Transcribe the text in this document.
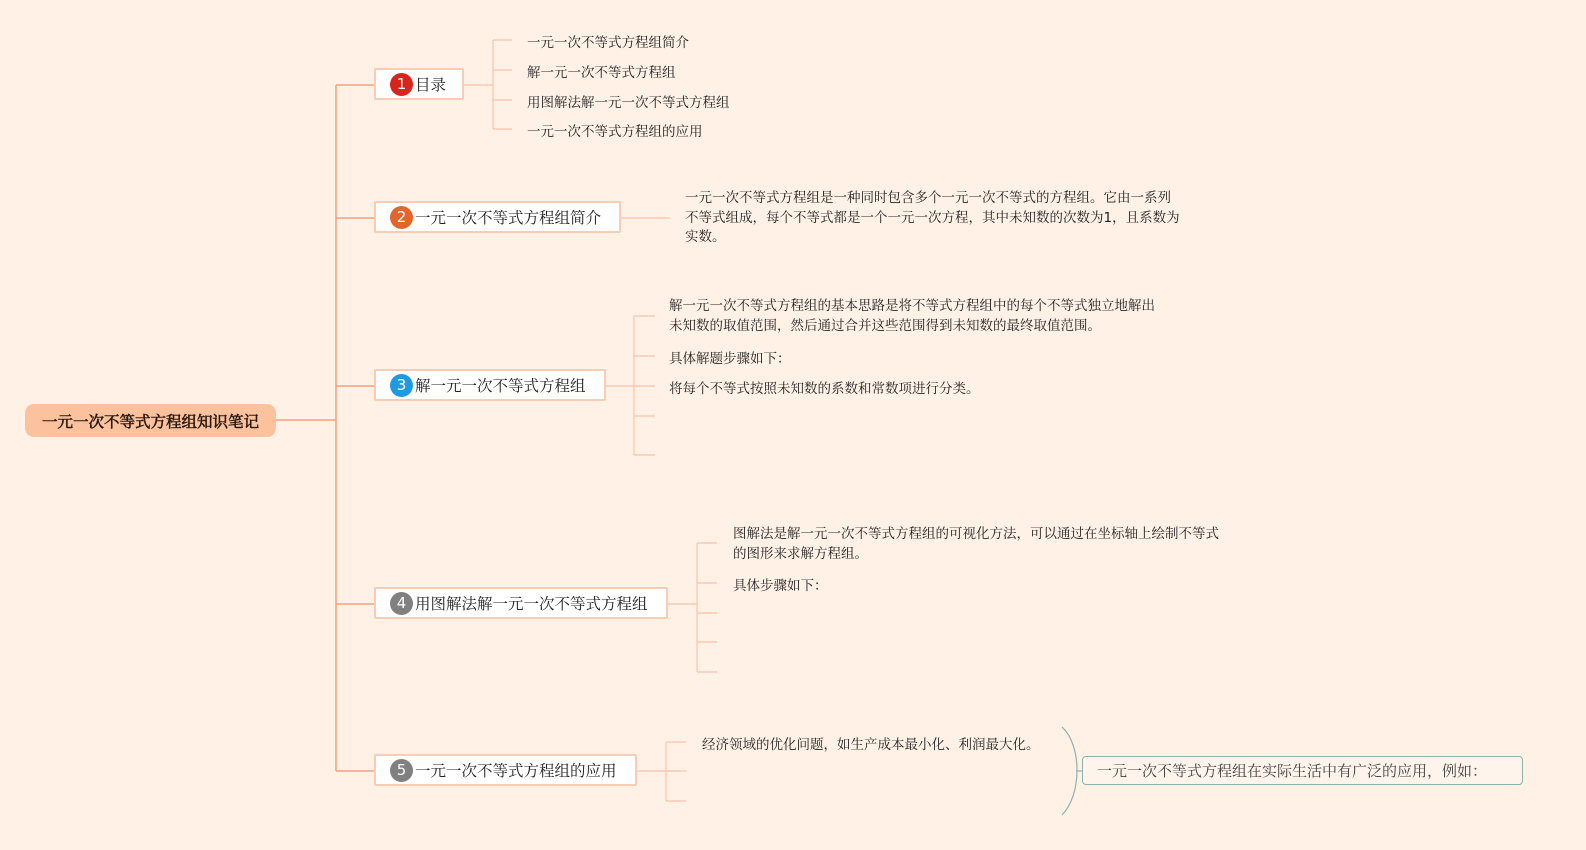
一元一次不等式方程组知识笔记
1 目录
一元一次不等式方程组简介
解一元一次不等式方程组
用图解法解一元一次不等式方程组
一元一次不等式方程组的应用
2 一元一次不等式方程组简介
一元一次不等式方程组是一种同时包含多个一元一次不等式的方程组。它由一系列不等式组成，每个不等式都是一个一元一次方程，其中未知数的次数为1，且系数为实数。
3 解一元一次不等式方程组
解一元一次不等式方程组的基本思路是将不等式方程组中的每个不等式独立地解出未知数的取值范围，然后通过合并这些范围得到未知数的最终取值范围。
具体解题步骤如下：
将每个不等式按照未知数的系数和常数项进行分类。
4 用图解法解一元一次不等式方程组
图解法是解一元一次不等式方程组的可视化方法，可以通过在坐标轴上绘制不等式的图形来求解方程组。
具体步骤如下：
5 一元一次不等式方程组的应用
经济领域的优化问题，如生产成本最小化、利润最大化。
一元一次不等式方程组在实际生活中有广泛的应用，例如：
